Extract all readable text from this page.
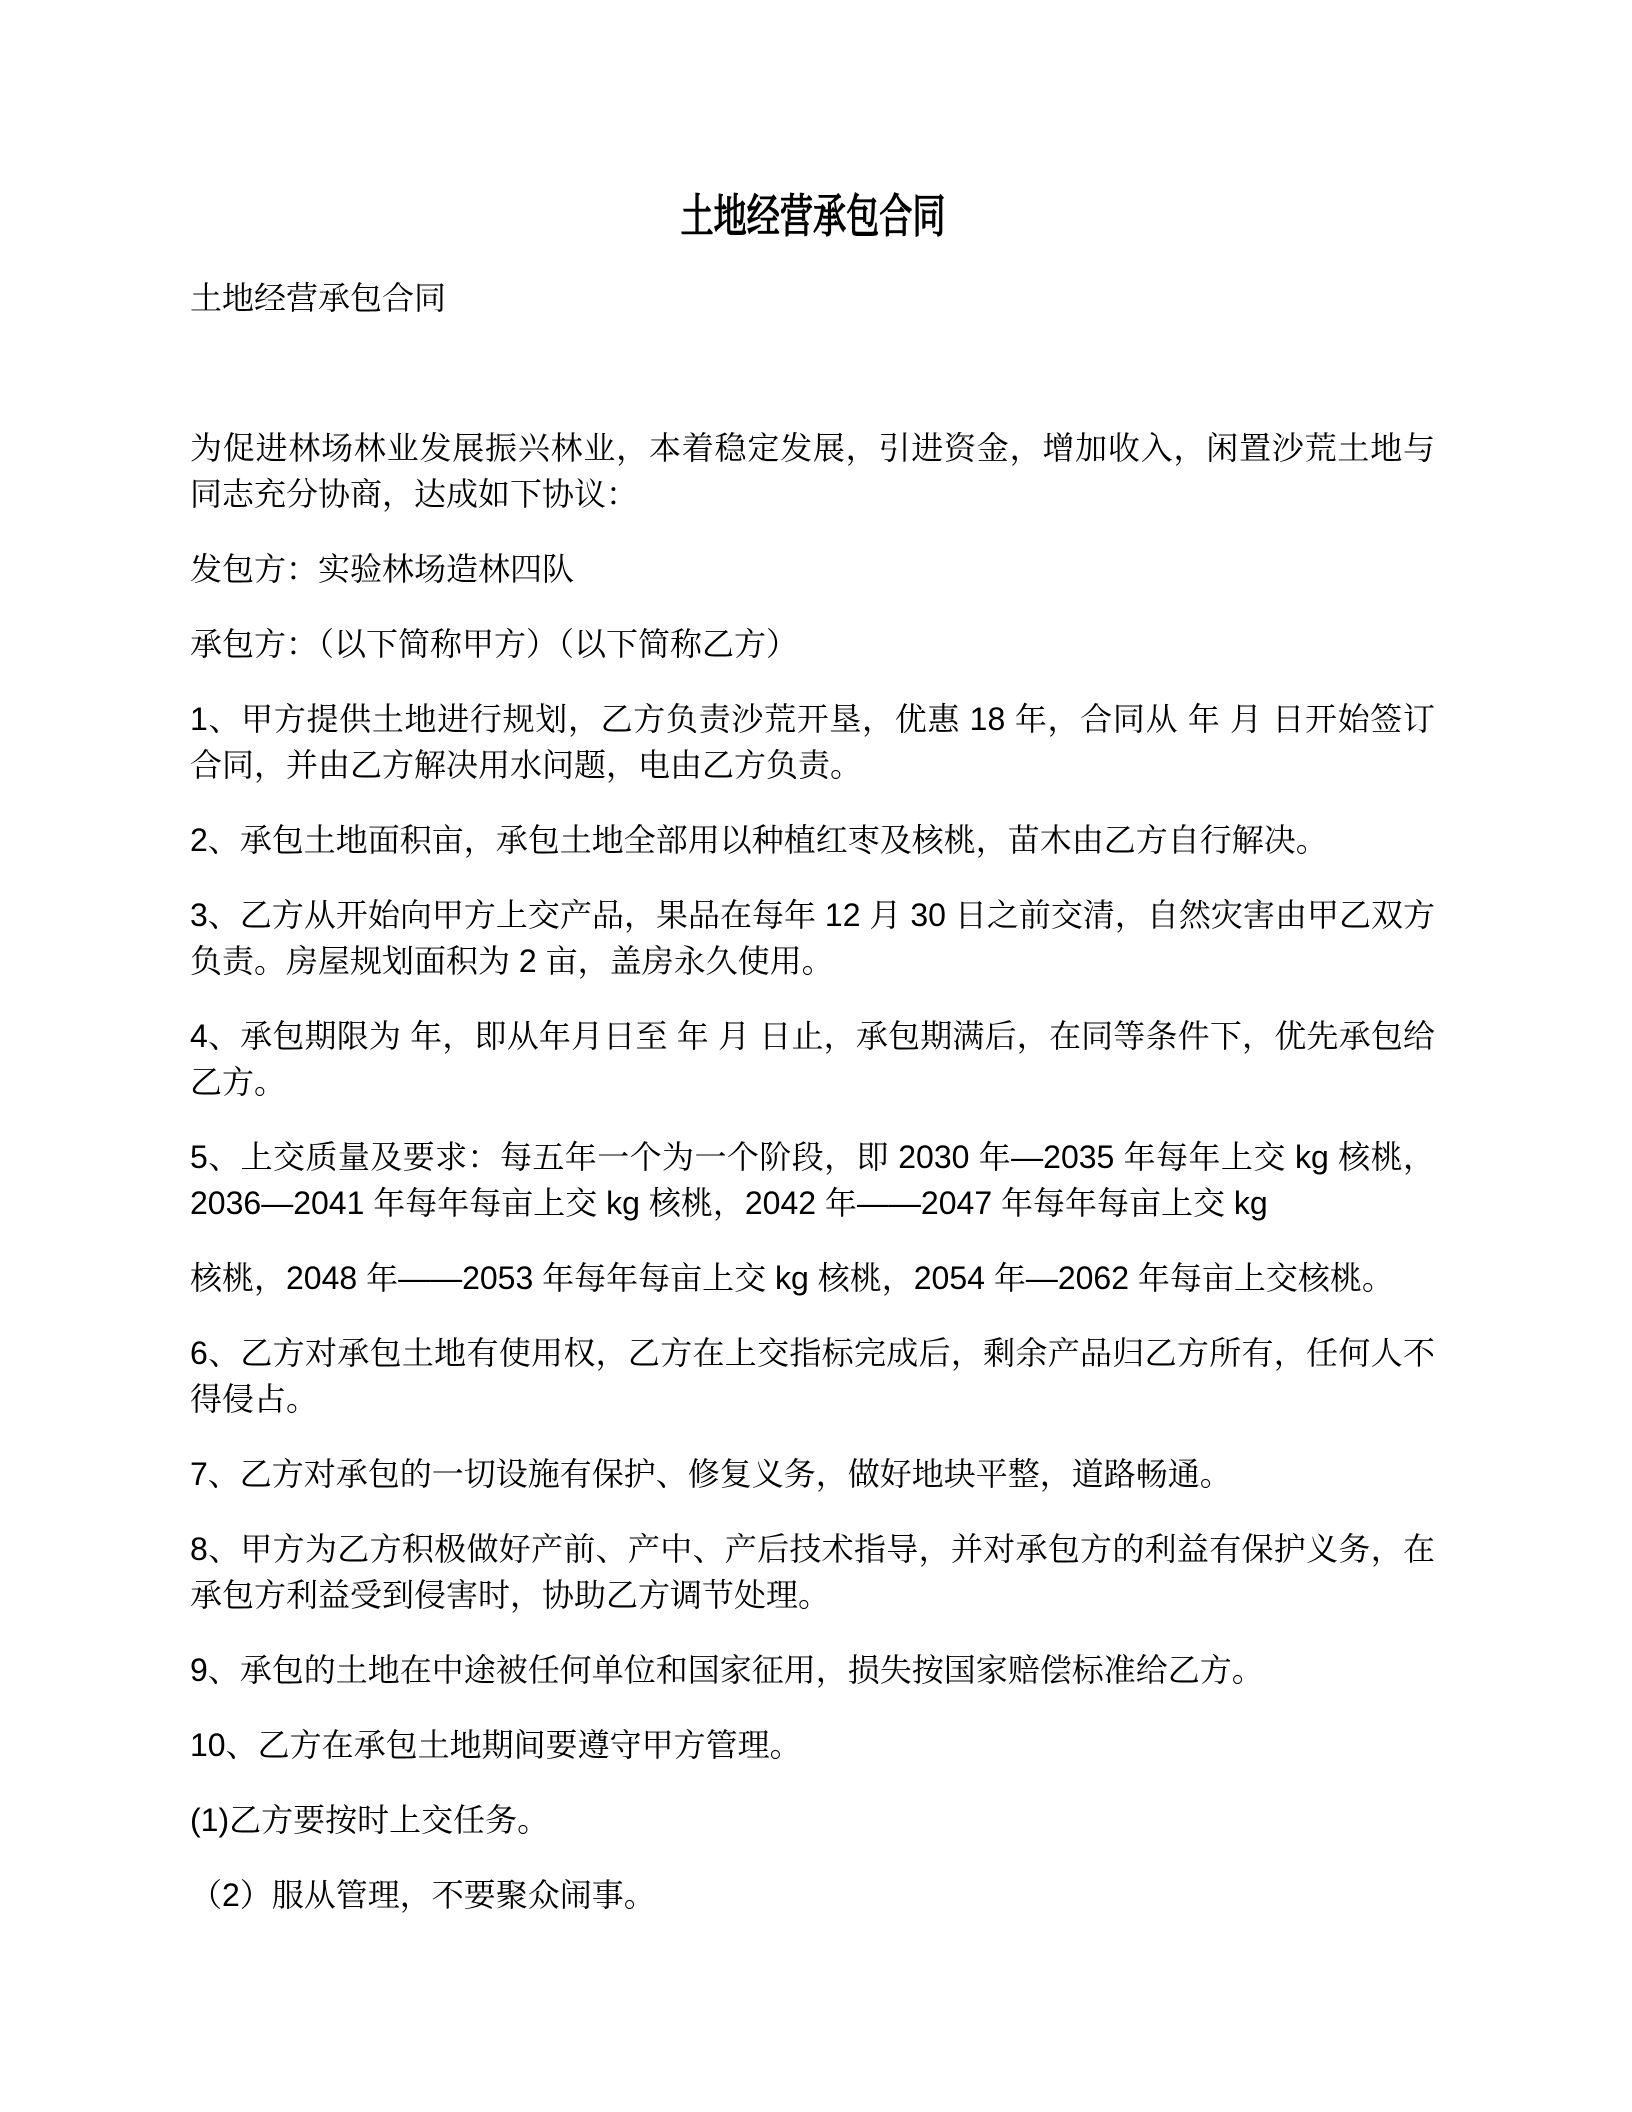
土地经营承包合同

土地经营承包合同

为促进林场林业发展振兴林业，本着稳定发展，引进资金，增加收入，闲置沙荒土地与同志充分协商，达成如下协议：

发包方：实验林场造林四队

承包方：（以下简称甲方）（以下简称乙方）

1、甲方提供土地进行规划，乙方负责沙荒开垦，优惠 18 年，合同从 年 月 日开始签订合同，并由乙方解决用水问题，电由乙方负责。

2、承包土地面积亩，承包土地全部用以种植红枣及核桃，苗木由乙方自行解决。

3、乙方从开始向甲方上交产品，果品在每年 12 月 30 日之前交清，自然灾害由甲乙双方负责。房屋规划面积为 2 亩，盖房永久使用。

4、承包期限为 年，即从年月日至 年 月 日止，承包期满后，在同等条件下，优先承包给乙方。

5、上交质量及要求：每五年一个为一个阶段，即 2030 年—2035 年每年上交 kg 核桃，2036—2041 年每年每亩上交 kg 核桃，2042 年——2047 年每年每亩上交 kg

核桃，2048 年——2053 年每年每亩上交 kg 核桃，2054 年—2062 年每亩上交核桃。

6、乙方对承包土地有使用权，乙方在上交指标完成后，剩余产品归乙方所有，任何人不得侵占。

7、乙方对承包的一切设施有保护、修复义务，做好地块平整，道路畅通。

8、甲方为乙方积极做好产前、产中、产后技术指导，并对承包方的利益有保护义务，在承包方利益受到侵害时，协助乙方调节处理。

9、承包的土地在中途被任何单位和国家征用，损失按国家赔偿标准给乙方。

10、乙方在承包土地期间要遵守甲方管理。

(1)乙方要按时上交任务。

（2）服从管理，不要聚众闹事。
